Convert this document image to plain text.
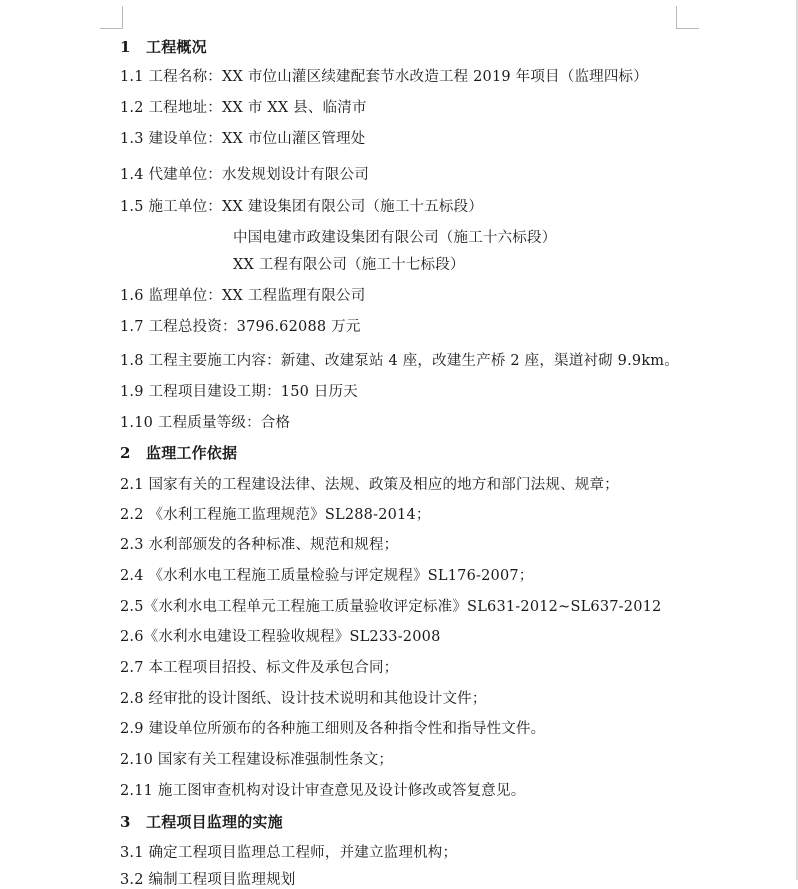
1 工程概况
1.1 工程名称：XX 市位山灌区续建配套节水改造工程 2019 年项目（监理四标）
1.2 工程地址：XX 市 XX 县、临清市
1.3 建设单位：XX 市位山灌区管理处
1.4 代建单位：水发规划设计有限公司
1.5 施工单位：XX 建设集团有限公司（施工十五标段）
中国电建市政建设集团有限公司（施工十六标段）
XX 工程有限公司（施工十七标段）
1.6 监理单位：XX 工程监理有限公司
1.7 工程总投资：3796.62088 万元
1.8 工程主要施工内容：新建、改建泵站 4 座，改建生产桥 2 座，渠道衬砌 9.9km。
1.9 工程项目建设工期：150 日历天
1.10 工程质量等级：合格
2 监理工作依据
2.1 国家有关的工程建设法律、法规、政策及相应的地方和部门法规、规章；
2.2 《水利工程施工监理规范》SL288-2014；
2.3 水利部颁发的各种标准、规范和规程；
2.4 《水利水电工程施工质量检验与评定规程》SL176-2007；
2.5《水利水电工程单元工程施工质量验收评定标准》SL631-2012~SL637-2012
2.6《水利水电建设工程验收规程》SL233-2008
2.7 本工程项目招投、标文件及承包合同；
2.8 经审批的设计图纸、设计技术说明和其他设计文件；
2.9 建设单位所颁布的各种施工细则及各种指令性和指导性文件。
2.10 国家有关工程建设标准强制性条文；
2.11 施工图审查机构对设计审查意见及设计修改或答复意见。
3 工程项目监理的实施
3.1 确定工程项目监理总工程师，并建立监理机构；
3.2 编制工程项目监理规划
